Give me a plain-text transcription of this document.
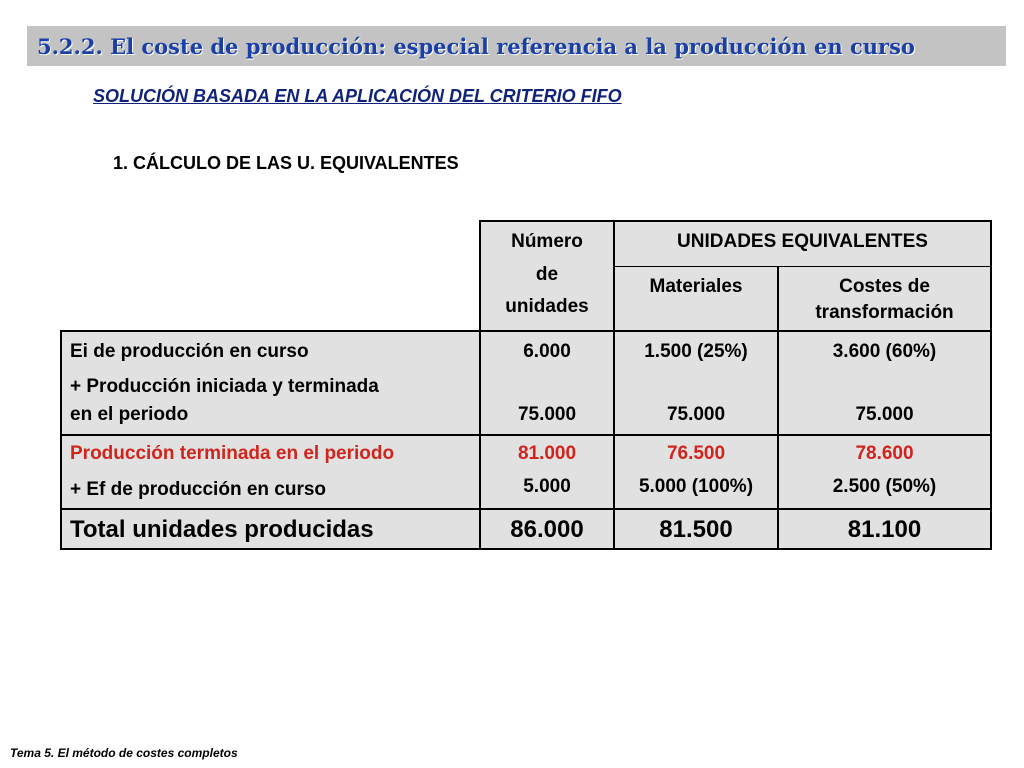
5.2.2. El coste de producción: especial referencia a la producción en curso
SOLUCIÓN BASADA EN LA APLICACIÓN DEL CRITERIO FIFO
1. CÁLCULO DE LAS U. EQUIVALENTES
Número
de
unidades
UNIDADES EQUIVALENTES
Materiales	Costes de
transformación
Ei de producción en curso	6.000	1.500 (25%)	3.600 (60%)
+ Producción iniciada y terminada
en el periodo	75.000	75.000	75.000
Producción terminada en el periodo	81.000	76.500	78.600
+ Ef de producción en curso	5.000	5.000 (100%)	2.500 (50%)
Total unidades producidas	86.000	81.500	81.100
Tema 5. El método de costes completos
